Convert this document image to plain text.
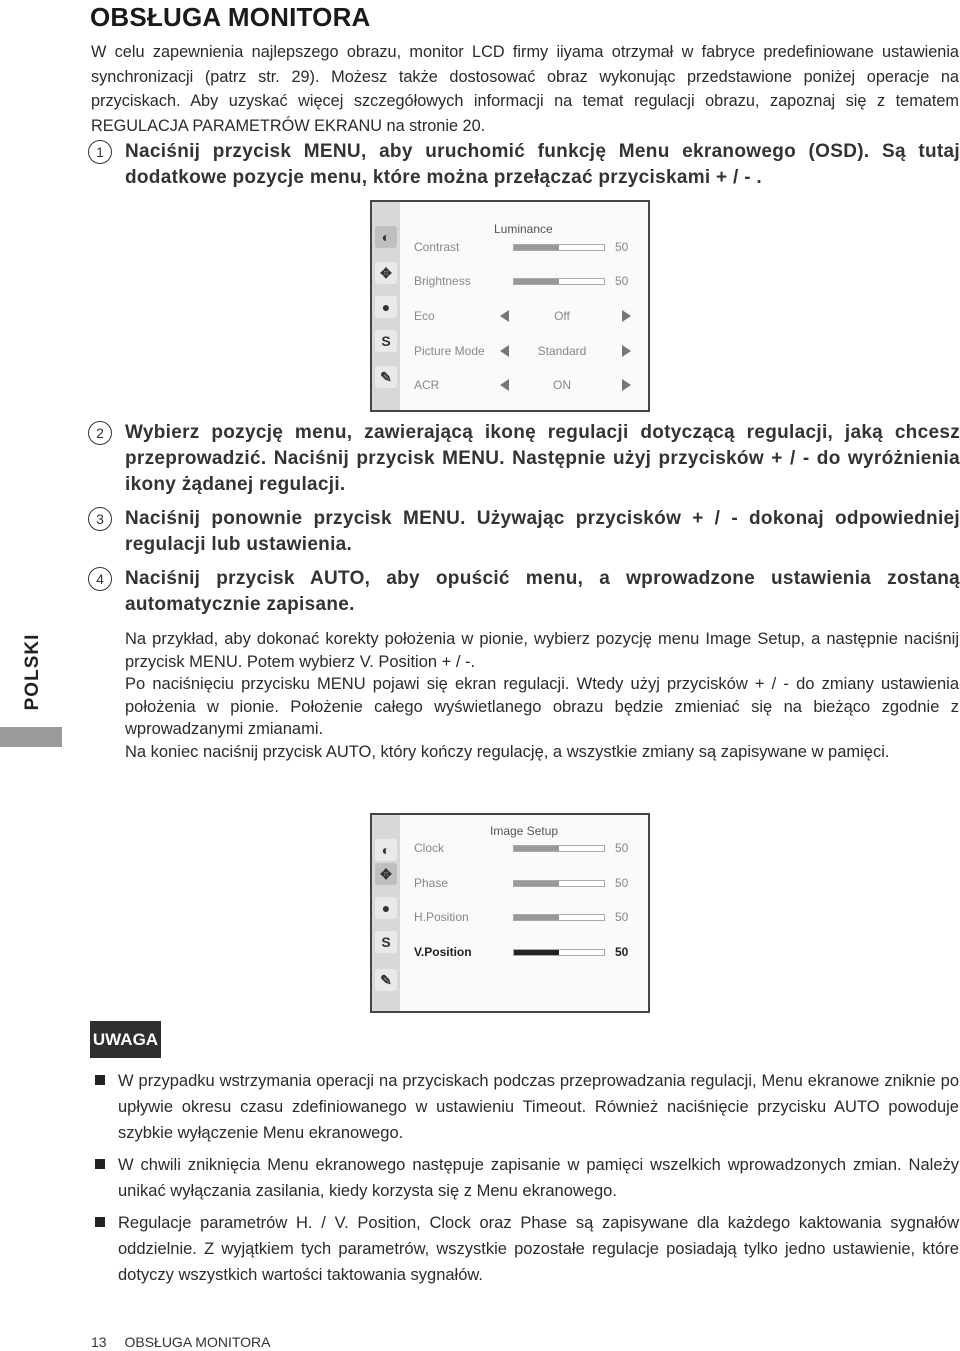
OBSŁUGA MONITORA
W celu zapewnienia najlepszego obrazu, monitor LCD firmy iiyama otrzymał w fabryce predefiniowane ustawienia synchronizacji (patrz str. 29). Możesz także dostosować obraz wykonując przedstawione poniżej operacje na przyciskach. Aby uzyskać więcej szczegółowych informacji na temat regulacji obrazu, zapoznaj się z tematem REGULACJA PARAMETRÓW EKRANU na stronie 20.
1	Naciśnij przycisk MENU, aby uruchomić funkcję Menu ekranowego (OSD). Są tutaj dodatkowe pozycje menu, które można przełączać przyciskami + / - .
◐
✥
●
S
✎
Luminance
Contrast	50
Brightness	50
Eco	Off
Picture Mode	Standard
ACR	ON
2	Wybierz pozycję menu, zawierającą ikonę regulacji dotyczącą regulacji, jaką chcesz przeprowadzić. Naciśnij przycisk MENU. Następnie użyj przycisków + / - do wyróżnienia ikony żądanej regulacji.
3	Naciśnij ponownie przycisk MENU. Używając przycisków + / - dokonaj odpowiedniej regulacji lub ustawienia.
4	Naciśnij przycisk AUTO, aby opuścić menu, a wprowadzone ustawienia zostaną automatycznie zapisane.
POLSKI	Na przykład, aby dokonać korekty położenia w pionie, wybierz pozycję menu Image Setup, a następnie naciśnij przycisk MENU. Potem wybierz V. Position + / -.

Po naciśnięciu przycisku MENU pojawi się ekran regulacji. Wtedy użyj przycisków + / - do zmiany ustawienia położenia w pionie. Położenie całego wyświetlanego obrazu będzie zmieniać się na bieżąco zgodnie z wprowadzanymi zmianami.

Na koniec naciśnij przycisk AUTO, który kończy regulację, a wszystkie zmiany są zapisywane w pamięci.

◐
✥
●
S
✎
Image Setup
Clock	50
Phase	50
H.Position	50
V.Position	50
UWAGA
W przypadku wstrzymania operacji na przyciskach podczas przeprowadzania regulacji, Menu ekranowe zniknie po upływie okresu czasu zdefiniowanego w ustawieniu Timeout. Również naciśnięcie przycisku AUTO powoduje szybkie wyłączenie Menu ekranowego.
W chwili zniknięcia Menu ekranowego następuje zapisanie w pamięci wszelkich wprowadzonych zmian. Należy unikać wyłączania zasilania, kiedy korzysta się z Menu ekranowego.
Regulacje parametrów H. / V. Position, Clock oraz Phase są zapisywane dla każdego kaktowania sygnałów oddzielnie. Z wyjątkiem tych parametrów, wszystkie pozostałe regulacje posiadają tylko jedno ustawienie, które dotyczy wszystkich wartości taktowania sygnałów.
13 OBSŁUGA MONITORA
